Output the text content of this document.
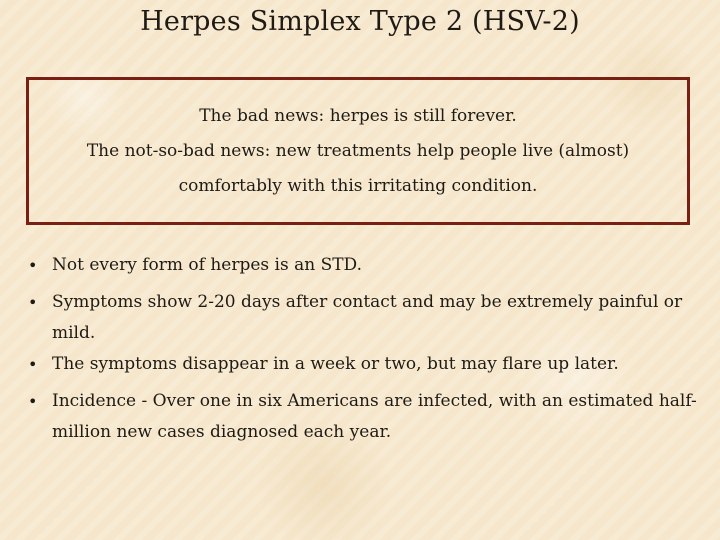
Herpes Simplex Type 2 (HSV-2)
The bad news: herpes is still forever.
The not-so-bad news: new treatments help people live (almost) comfortably with this irritating condition.
• Not every form of herpes is an STD.
• Symptoms show 2-20 days after contact and may be extremely painful or mild.
• The symptoms disappear in a week or two, but may flare up later.
• Incidence - Over one in six Americans are infected, with an estimated half-million new cases diagnosed each year.
